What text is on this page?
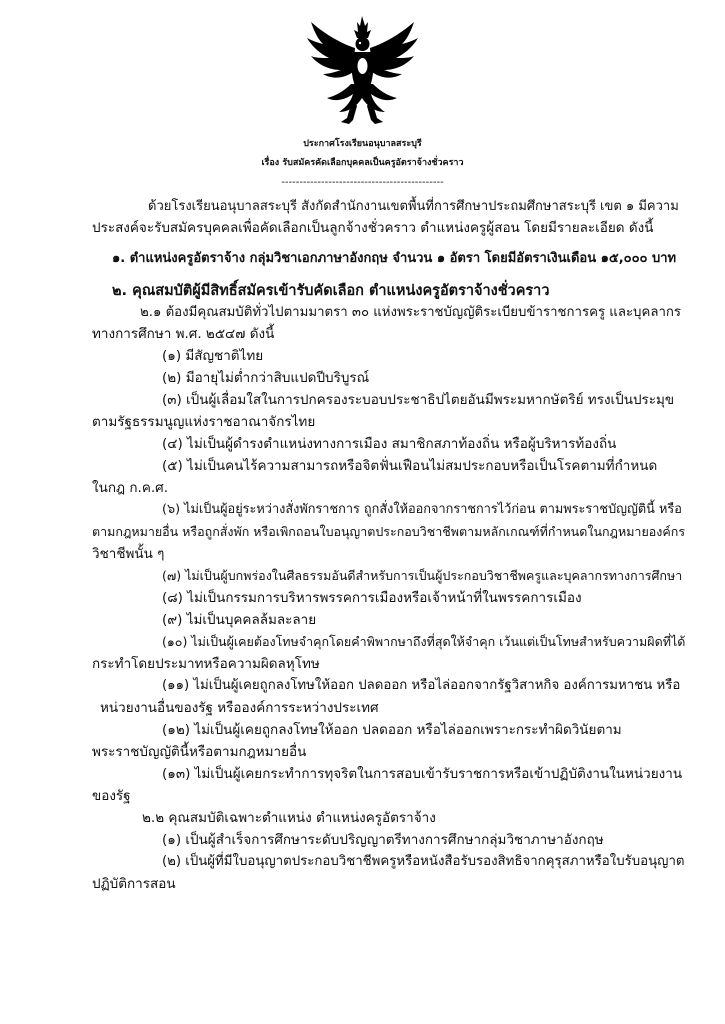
ประกาศโรงเรียนอนุบาลสระบุรี
เรื่อง รับสมัครคัดเลือกบุคคลเป็นครูอัตราจ้างชั่วคราว
---------------------------------------------
ด้วยโรงเรียนอนุบาลสระบุรี สังกัดสำนักงานเขตพื้นที่การศึกษาประถมศึกษาสระบุรี เขต ๑ มีความ
ประสงค์จะรับสมัครบุคคลเพื่อคัดเลือกเป็นลูกจ้างชั่วคราว ตำแหน่งครูผู้สอน โดยมีรายละเอียด ดังนี้
๑. ตำแหน่งครูอัตราจ้าง กลุ่มวิชาเอกภาษาอังกฤษ จำนวน ๑ อัตรา โดยมีอัตราเงินเดือน ๑๕,๐๐๐ บาท
๒. คุณสมบัติผู้มีสิทธิ์สมัครเข้ารับคัดเลือก ตำแหน่งครูอัตราจ้างชั่วคราว
๒.๑ ต้องมีคุณสมบัติทั่วไปตามมาตรา ๓๐ แห่งพระราชบัญญัติระเบียบข้าราชการครู และบุคลากร
ทางการศึกษา พ.ศ. ๒๕๔๗ ดังนี้
(๑) มีสัญชาติไทย
(๒) มีอายุไม่ต่ำกว่าสิบแปดปีบริบูรณ์
(๓) เป็นผู้เลื่อมใสในการปกครองระบอบประชาธิปไตยอันมีพระมหากษัตริย์ ทรงเป็นประมุข
ตามรัฐธรรมนูญแห่งราชอาณาจักรไทย
(๔) ไม่เป็นผู้ดำรงตำแหน่งทางการเมือง สมาชิกสภาท้องถิ่น หรือผู้บริหารท้องถิ่น
(๕) ไม่เป็นคนไร้ความสามารถหรือจิตฟั่นเฟือนไม่สมประกอบหรือเป็นโรคตามที่กำหนด
ในกฎ ก.ค.ศ.
(๖) ไม่เป็นผู้อยู่ระหว่างสั่งพักราชการ ถูกสั่งให้ออกจากราชการไว้ก่อน ตามพระราชบัญญัตินี้ หรือ
ตามกฎหมายอื่น หรือถูกสั่งพัก หรือเพิกถอนใบอนุญาตประกอบวิชาชีพตามหลักเกณฑ์ที่กำหนดในกฎหมายองค์กร
วิชาชีพนั้น ๆ
(๗) ไม่เป็นผู้บกพร่องในศีลธรรมอันดีสำหรับการเป็นผู้ประกอบวิชาชีพครูและบุคลากรทางการศึกษา
(๘) ไม่เป็นกรรมการบริหารพรรคการเมืองหรือเจ้าหน้าที่ในพรรคการเมือง
(๙) ไม่เป็นบุคคลล้มละลาย
(๑๐) ไม่เป็นผู้เคยต้องโทษจำคุกโดยคำพิพากษาถึงที่สุดให้จำคุก เว้นแต่เป็นโทษสำหรับความผิดที่ได้
กระทำโดยประมาทหรือความผิดลหุโทษ
(๑๑) ไม่เป็นผู้เคยถูกลงโทษให้ออก ปลดออก หรือไล่ออกจากรัฐวิสาหกิจ องค์การมหาชน หรือ
หน่วยงานอื่นของรัฐ หรือองค์การระหว่างประเทศ
(๑๒) ไม่เป็นผู้เคยถูกลงโทษให้ออก ปลดออก หรือไล่ออกเพราะกระทำผิดวินัยตาม
พระราชบัญญัตินี้หรือตามกฎหมายอื่น
(๑๓) ไม่เป็นผู้เคยกระทำการทุจริตในการสอบเข้ารับราชการหรือเข้าปฏิบัติงานในหน่วยงาน
ของรัฐ
๒.๒ คุณสมบัติเฉพาะตำแหน่ง ตำแหน่งครูอัตราจ้าง
(๑) เป็นผู้สำเร็จการศึกษาระดับปริญญาตรีทางการศึกษากลุ่มวิชาภาษาอังกฤษ
(๒) เป็นผู้ที่มีใบอนุญาตประกอบวิชาชีพครูหรือหนังสือรับรองสิทธิจากคุรุสภาหรือใบรับอนุญาต
ปฏิบัติการสอน
